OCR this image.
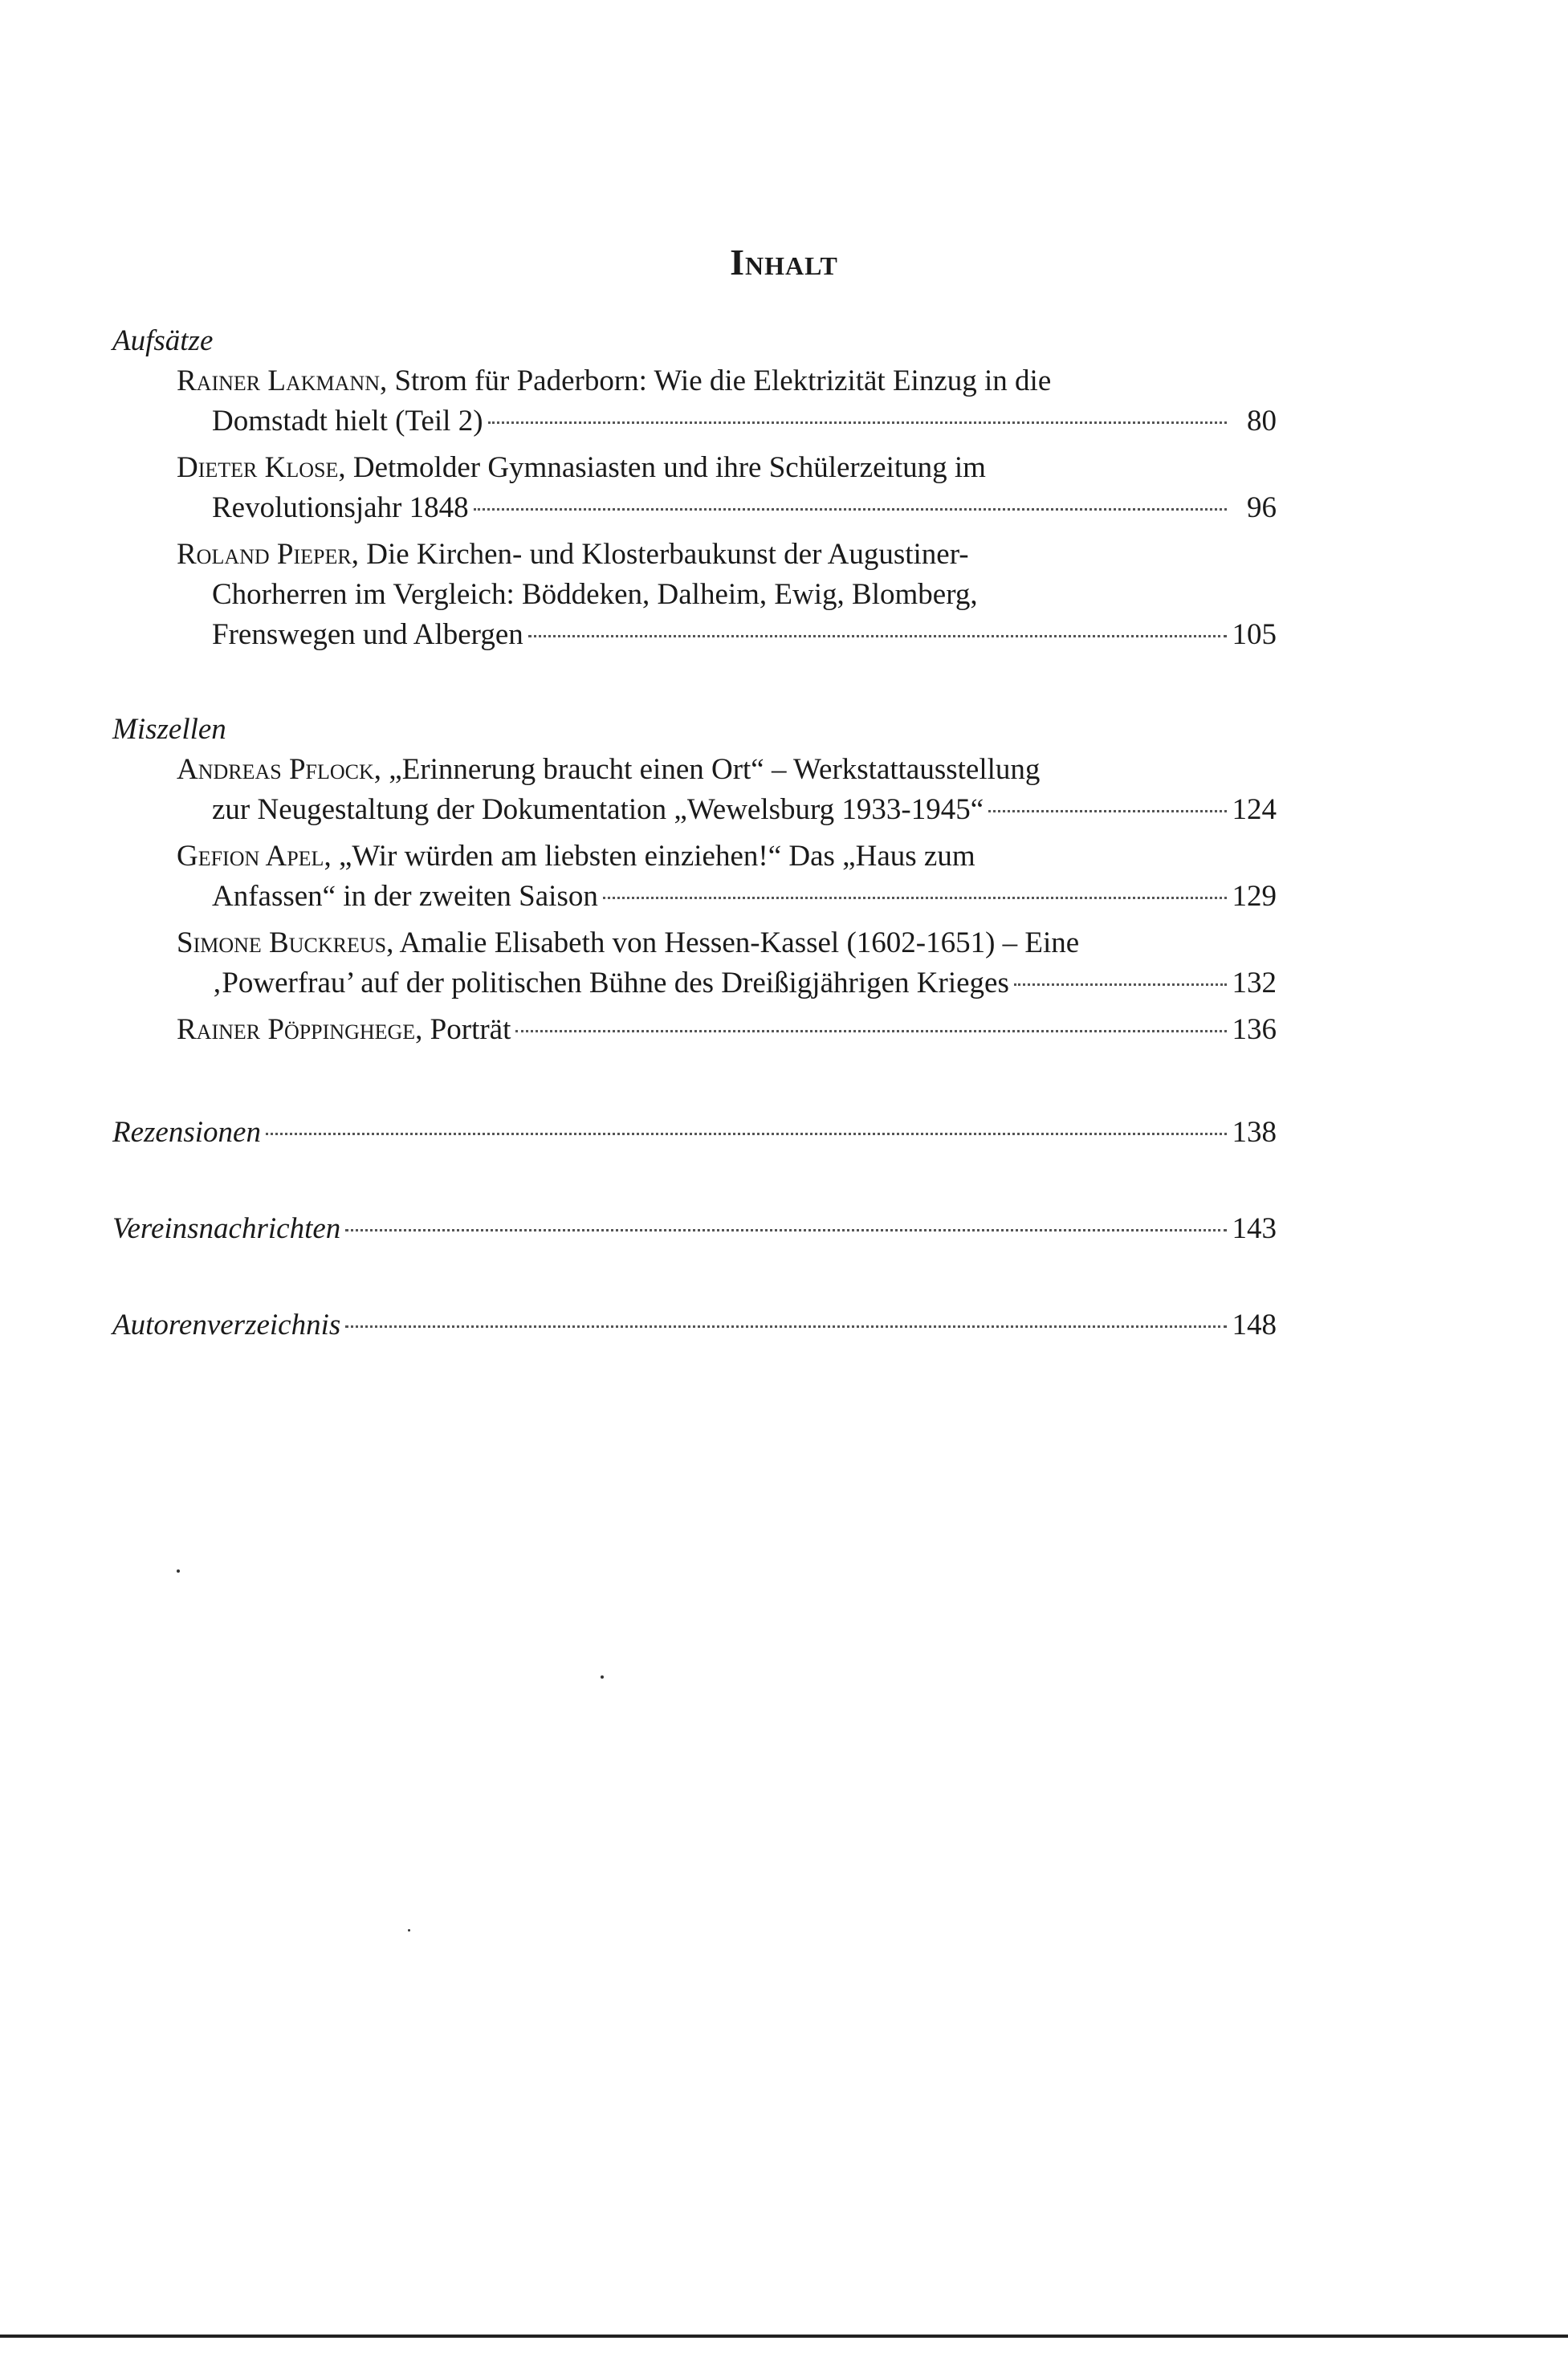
Inhalt
Aufsätze
Rainer Lakmann, Strom für Paderborn: Wie die Elektrizität Einzug in die
Domstadt hielt (Teil 2)	80
Dieter Klose, Detmolder Gymnasiasten und ihre Schülerzeitung im
Revolutionsjahr 1848	96
Roland Pieper, Die Kirchen- und Klosterbaukunst der Augustiner-
Chorherren im Vergleich: Böddeken, Dalheim, Ewig, Blomberg,
Frenswegen und Albergen	105
Miszellen
Andreas Pflock, „Erinnerung braucht einen Ort“ – Werkstattausstellung
zur Neugestaltung der Dokumentation „Wewelsburg 1933-1945“	124
Gefion Apel, „Wir würden am liebsten einziehen!“ Das „Haus zum
Anfassen“ in der zweiten Saison	129
Simone Buckreus, Amalie Elisabeth von Hessen-Kassel (1602-1651) – Eine
‚Powerfrau’ auf der politischen Bühne des Dreißigjährigen Krieges	132
Rainer Pöppinghege, Porträt	136
Rezensionen	138
Vereinsnachrichten	143
Autorenverzeichnis	148
